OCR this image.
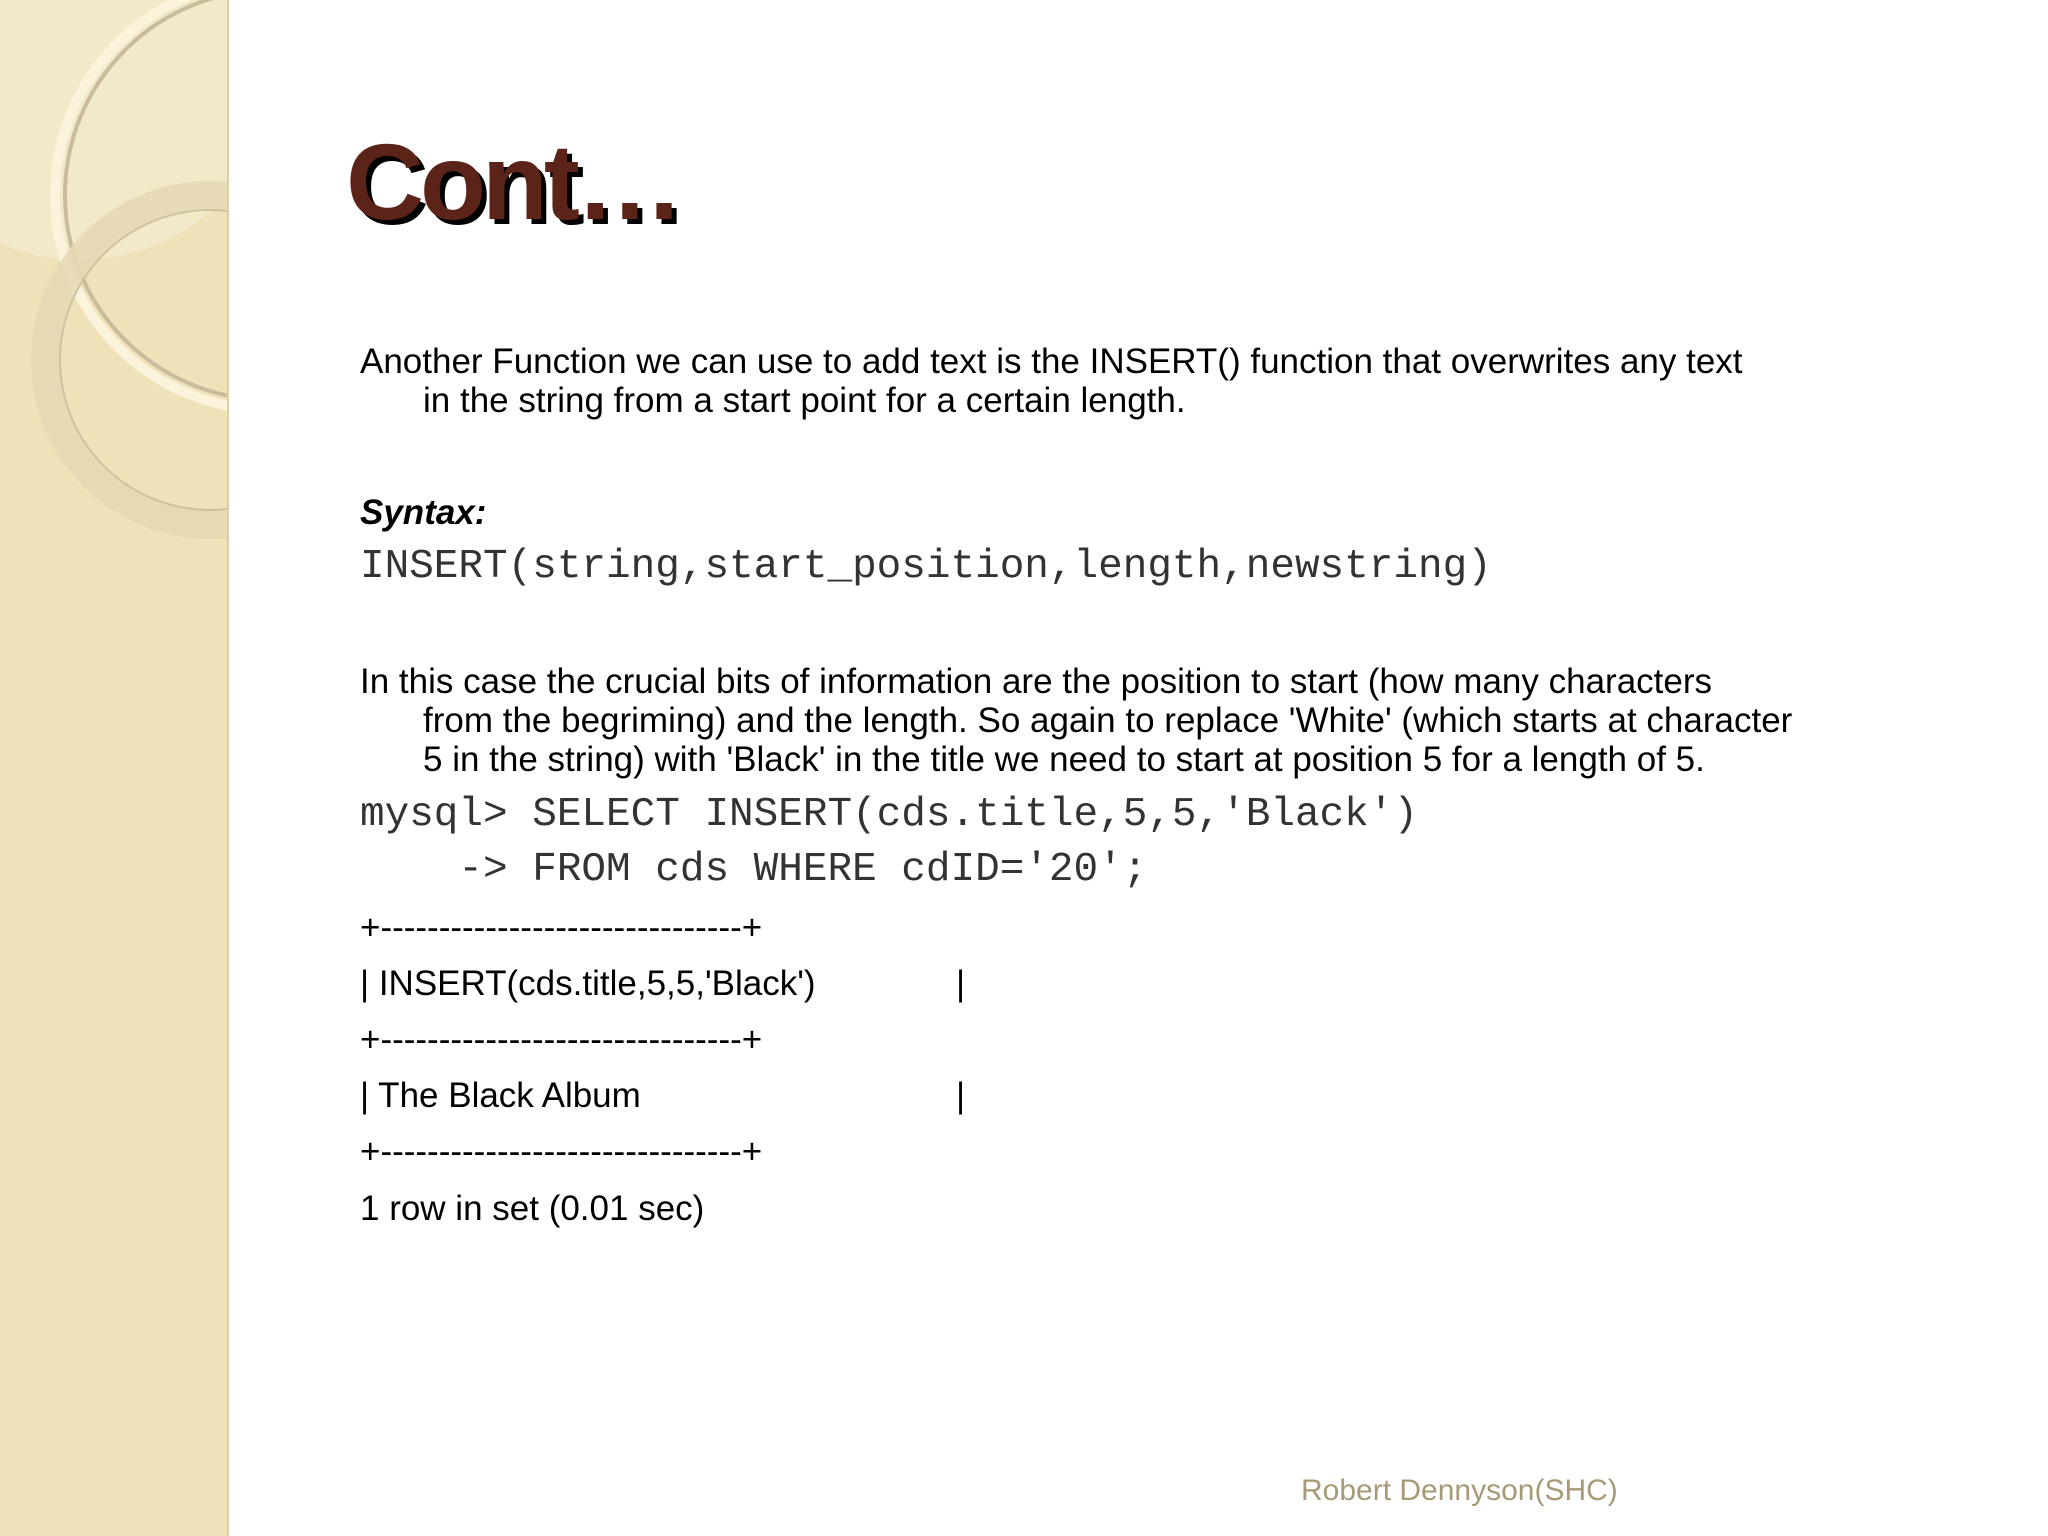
Cont…
Another Function we can use to add text is the INSERT() function that overwrites any text
in the string from a start point for a certain length.
Syntax:
INSERT(string,start_position,length,newstring)
In this case the crucial bits of information are the position to start (how many characters
from the begriming) and the length. So again to replace 'White' (which starts at character
5 in the string) with 'Black' in the title we need to start at position 5 for a length of 5.
mysql> SELECT INSERT(cds.title,5,5,'Black')
-> FROM cds WHERE cdID='20';
+-------------------------------+
| INSERT(cds.title,5,5,'Black')	|
+-------------------------------+
| The Black Album	|
+-------------------------------+
1 row in set (0.01 sec)
Robert Dennyson(SHC)
